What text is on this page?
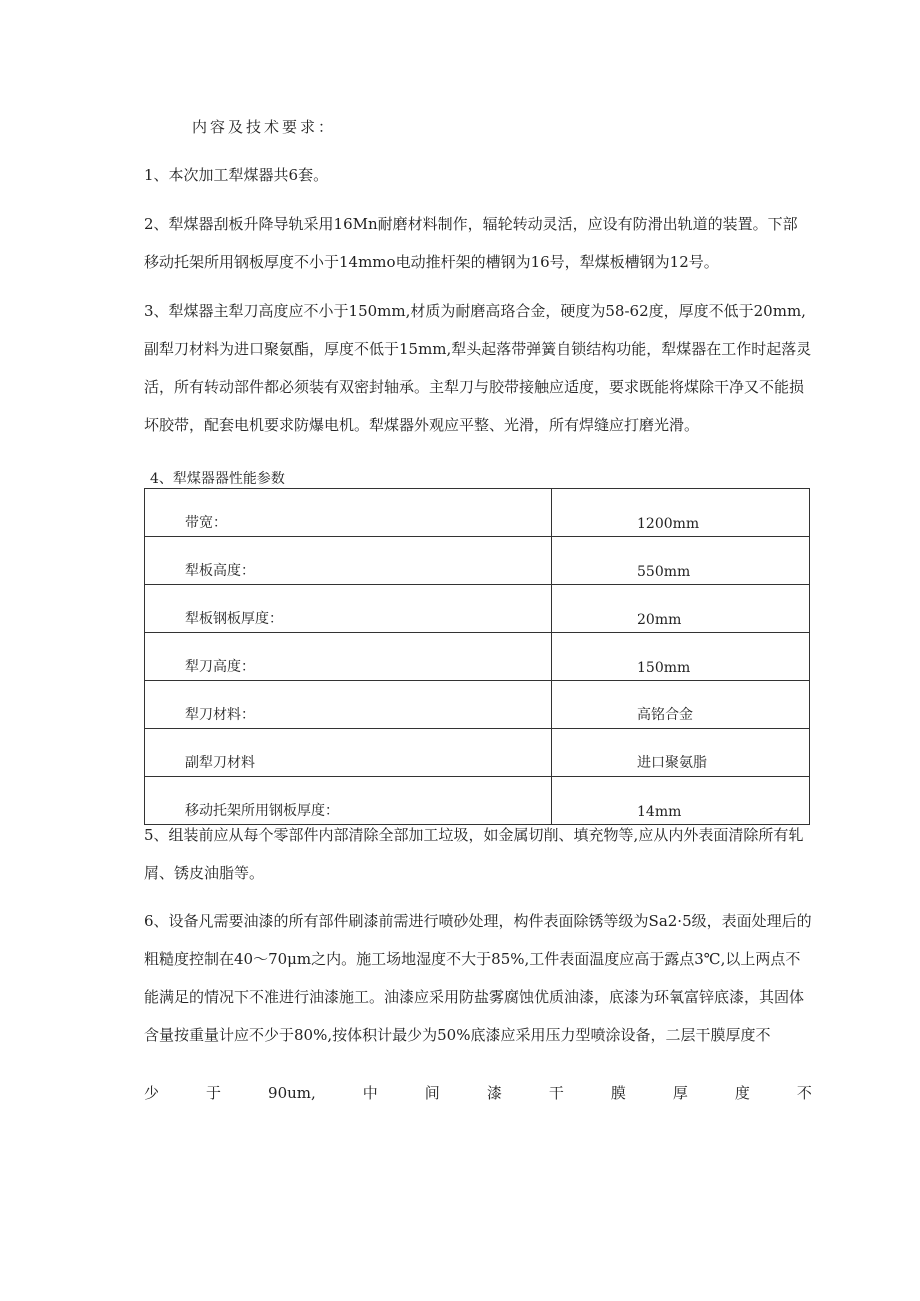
内容及技术要求：

1、本次加工犁煤器共6套。

2、犁煤器刮板升降导轨采用16Mn耐磨材料制作，辐轮转动灵活，应设有防滑出轨道的装置。下部移动托架所用钢板厚度不小于14mmo电动推杆架的槽钢为16号，犁煤板槽钢为12号。

3、犁煤器主犁刀高度应不小于150mm,材质为耐磨高珞合金，硬度为58-62度，厚度不低于20mm,副犁刀材料为进口聚氨酯，厚度不低于15mm,犁头起落带弹簧自锁结构功能，犁煤器在工作时起落灵活，所有转动部件都必须装有双密封轴承。主犁刀与胶带接触应适度，要求既能将煤除干净又不能损坏胶带，配套电机要求防爆电机。犁煤器外观应平整、光滑，所有焊缝应打磨光滑。

4、犁煤器器性能参数
带宽：	1200mm
犁板高度：	550mm
犁板钢板厚度：	20mm
犁刀高度：	150mm
犁刀材料：	高铭合金
副犁刀材料	进口聚氨脂
移动托架所用钢板厚度：	14mm

5、组装前应从每个零部件内部清除全部加工垃圾，如金属切削、填充物等,应从内外表面清除所有轧屑、锈皮油脂等。

6、设备凡需要油漆的所有部件刷漆前需进行喷砂处理，构件表面除锈等级为Sa2·5级，表面处理后的粗糙度控制在40～70μm之内。施工场地湿度不大于85%,工件表面温度应高于露点3℃,以上两点不能满足的情况下不准进行油漆施工。油漆应采用防盐雾腐蚀优质油漆，底漆为环氧富锌底漆，其固体含量按重量计应不少于80%,按体积计最少为50%底漆应采用压力型喷涂设备，二层干膜厚度不

少	于	90um,	中	间	漆	干	膜	厚	度	不
